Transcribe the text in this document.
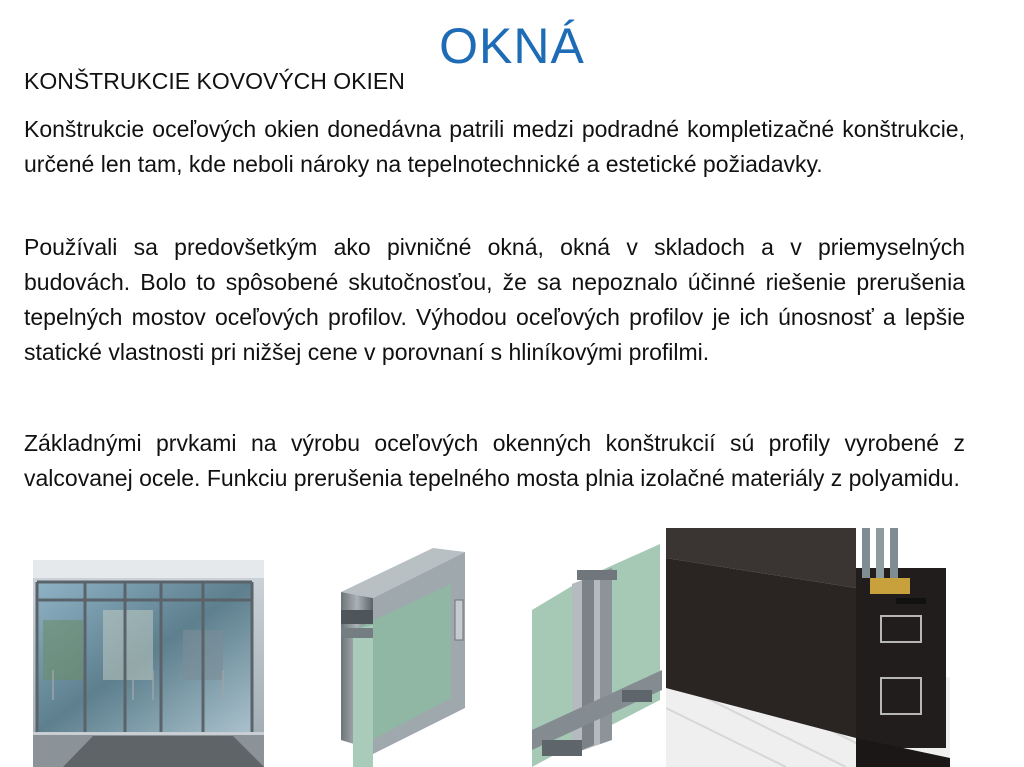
OKNÁ
KONŠTRUKCIE KOVOVÝCH OKIEN
Konštrukcie oceľových okien donedávna patrili medzi podradné kompletizačné konštrukcie, určené len tam, kde neboli nároky na tepelnotechnické a estetické požiadavky.
Používali sa predovšetkým ako pivničné okná, okná v skladoch a v priemyselných budovách. Bolo to spôsobené skutočnosťou, že sa nepoznalo účinné riešenie prerušenia tepelných mostov oceľových profilov. Výhodou oceľových profilov je ich únosnosť a lepšie statické vlastnosti pri nižšej cene v porovnaní s hliníkovými profilmi.
Základnými prvkami na výrobu oceľových okenných konštrukcií sú profily vyrobené z valcovanej ocele. Funkciu prerušenia tepelného mosta plnia izolačné materiály z polyamidu.
